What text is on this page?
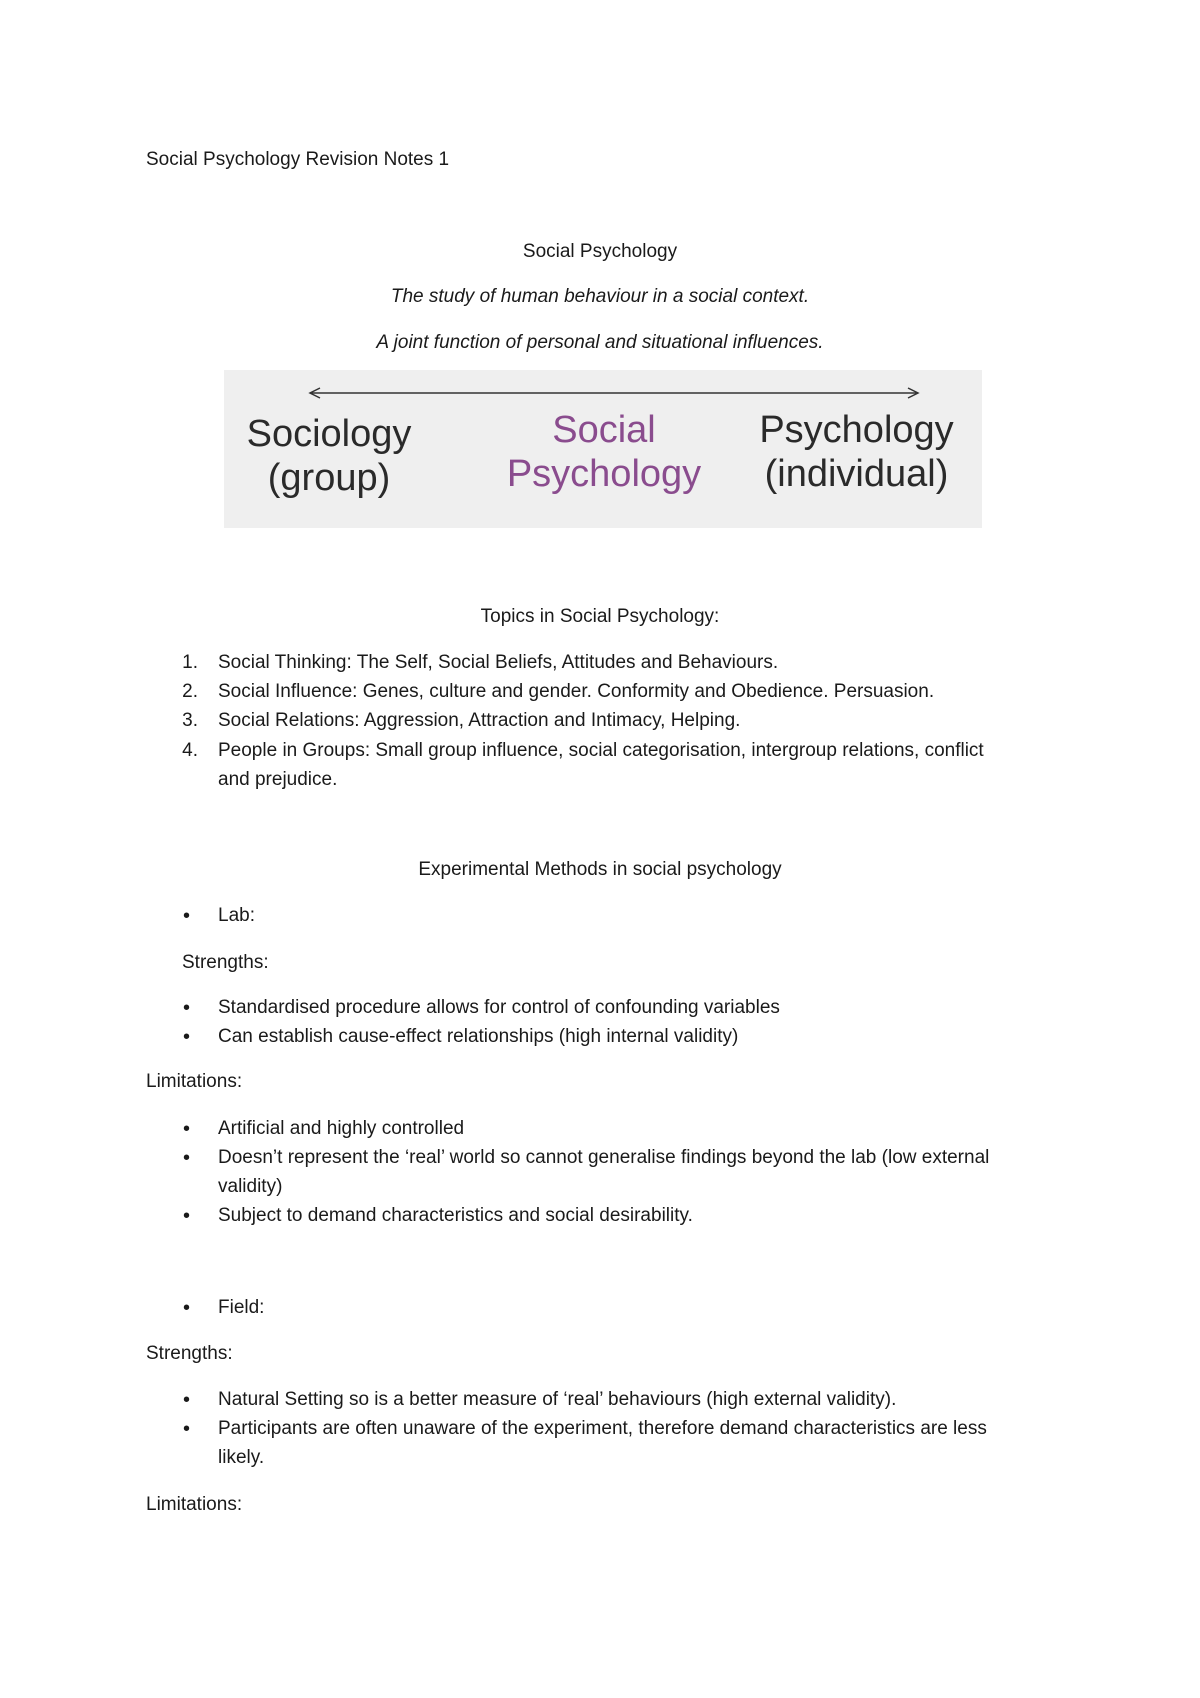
Social Psychology Revision Notes 1
Social Psychology
The study of human behaviour in a social context.
A joint function of personal and situational influences.
Sociology
(group)
Social
Psychology
Psychology
(individual)
Topics in Social Psychology:
1. Social Thinking: The Self, Social Beliefs, Attitudes and Behaviours.
2. Social Influence: Genes, culture and gender. Conformity and Obedience. Persuasion.
3. Social Relations: Aggression, Attraction and Intimacy, Helping.
4. People in Groups: Small group influence, social categorisation, intergroup relations, conflict
and prejudice.
Experimental Methods in social psychology
• Lab:
Strengths:
• Standardised procedure allows for control of confounding variables
• Can establish cause-effect relationships (high internal validity)
Limitations:
• Artificial and highly controlled
• Doesn’t represent the ‘real’ world so cannot generalise findings beyond the lab (low external
validity)
• Subject to demand characteristics and social desirability.
• Field:
Strengths:
• Natural Setting so is a better measure of ‘real’ behaviours (high external validity).
• Participants are often unaware of the experiment, therefore demand characteristics are less
likely.
Limitations:
